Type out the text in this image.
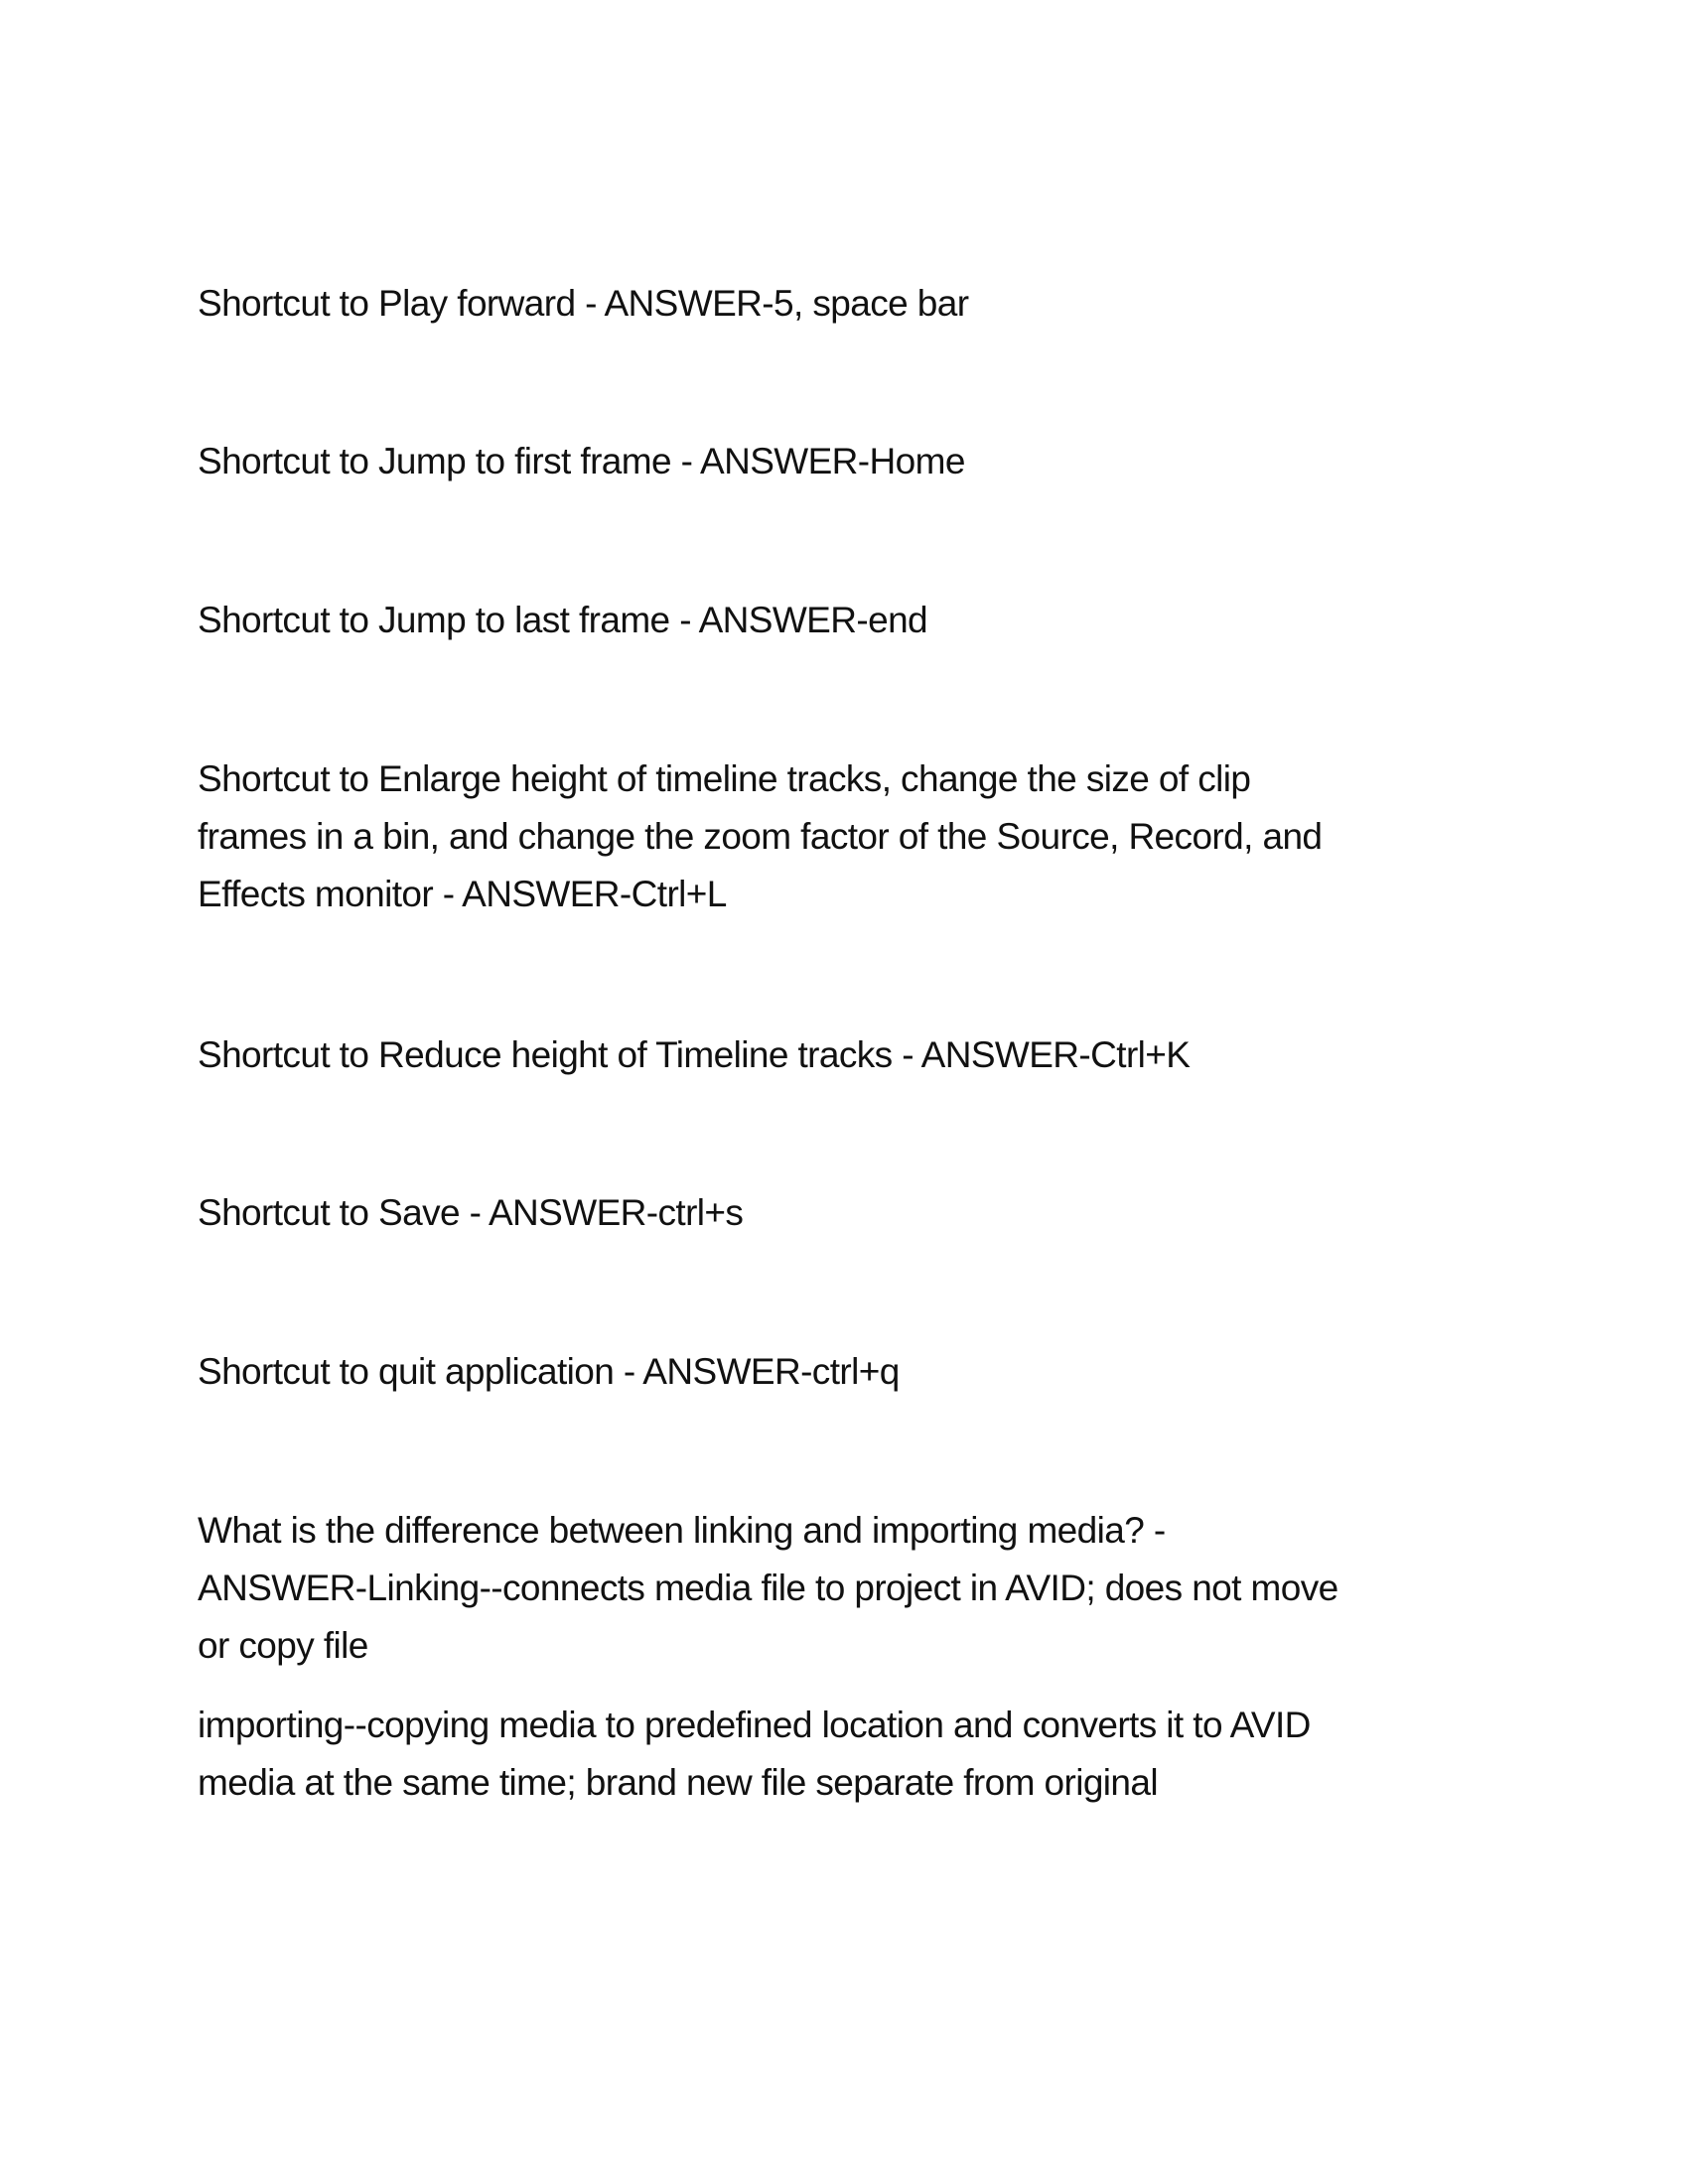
Shortcut to Play forward - ANSWER-5, space bar

Shortcut to Jump to first frame - ANSWER-Home

Shortcut to Jump to last frame - ANSWER-end

Shortcut to Enlarge height of timeline tracks, change the size of clip
frames in a bin, and change the zoom factor of the Source, Record, and
Effects monitor - ANSWER-Ctrl+L

Shortcut to Reduce height of Timeline tracks - ANSWER-Ctrl+K

Shortcut to Save - ANSWER-ctrl+s

Shortcut to quit application - ANSWER-ctrl+q

What is the difference between linking and importing media? -
ANSWER-Linking--connects media file to project in AVID; does not move
or copy file

importing--copying media to predefined location and converts it to AVID
media at the same time; brand new file separate from original
